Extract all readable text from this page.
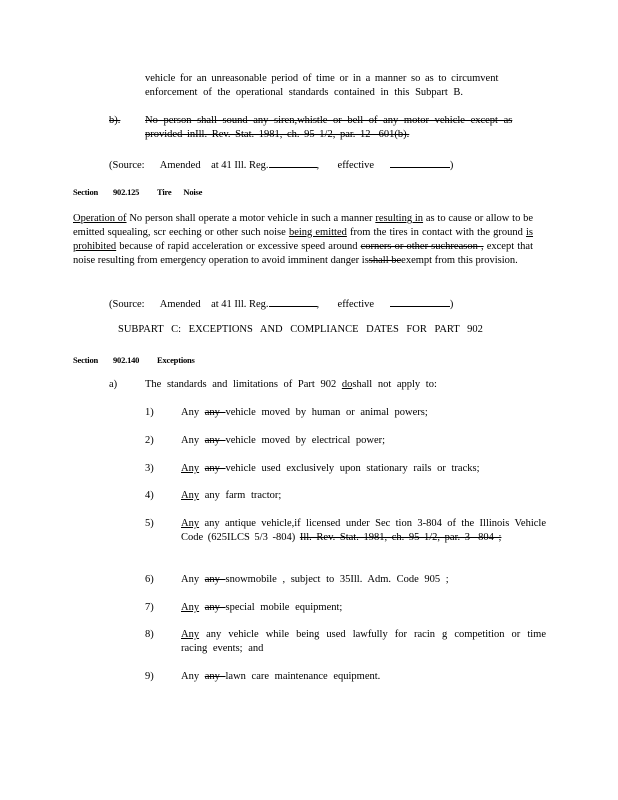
vehicle for an unreasonable period of time or in a manner so as to circumvent

enforcement of the operational standards contained in this Subpart B.

b). No person shall sound any siren,whistle or bell of any motor vehicle except as

provided inIll. Rev. Stat. 1981, ch. 95 1/2, par. 12 -601(b).

(Source: Amended at 41 Ill. Reg.	, effective	)
Section 902.125 Tire Noise
Operation of No person shall operate a motor vehicle in such a manner resulting in as to cause or allow to be emitted squealing, scr eeching or other such noise being emitted from the tires in contact with the ground is prohibited because of rapid acceleration or excessive speed around corners or other suchreason , except that noise resulting from emergency operation to avoid imminent danger isshall beexempt from this provision.
(Source: Amended at 41 Ill. Reg.	, effective	)
SUBPART C: EXCEPTIONS AND COMPLIANCE DATES FOR PART 902
Section 902.140 Exceptions
a)	The standards and limitations of Part 902 doshall not apply to:
1)	Any any vehicle moved by human or animal powers;
2)	Any any vehicle moved by electrical power;
3)	Any any vehicle used exclusively upon stationary rails or tracks;
4)	Any any farm tractor;
5)	Any any antique vehicle,if licensed under Sec tion 3-804 of the Illinois Vehicle Code (625ILCS 5/3 -804) Ill. Rev. Stat. 1981, ch. 95 1/2, par. 3 -804 ;
6)	Any any snowmobile , subject to 35Ill. Adm. Code 905 ;
7)	Any any special mobile equipment;
8)	Any any vehicle while being used lawfully for racin g competition or time racing events; and
9)	Any any lawn care maintenance equipment.
